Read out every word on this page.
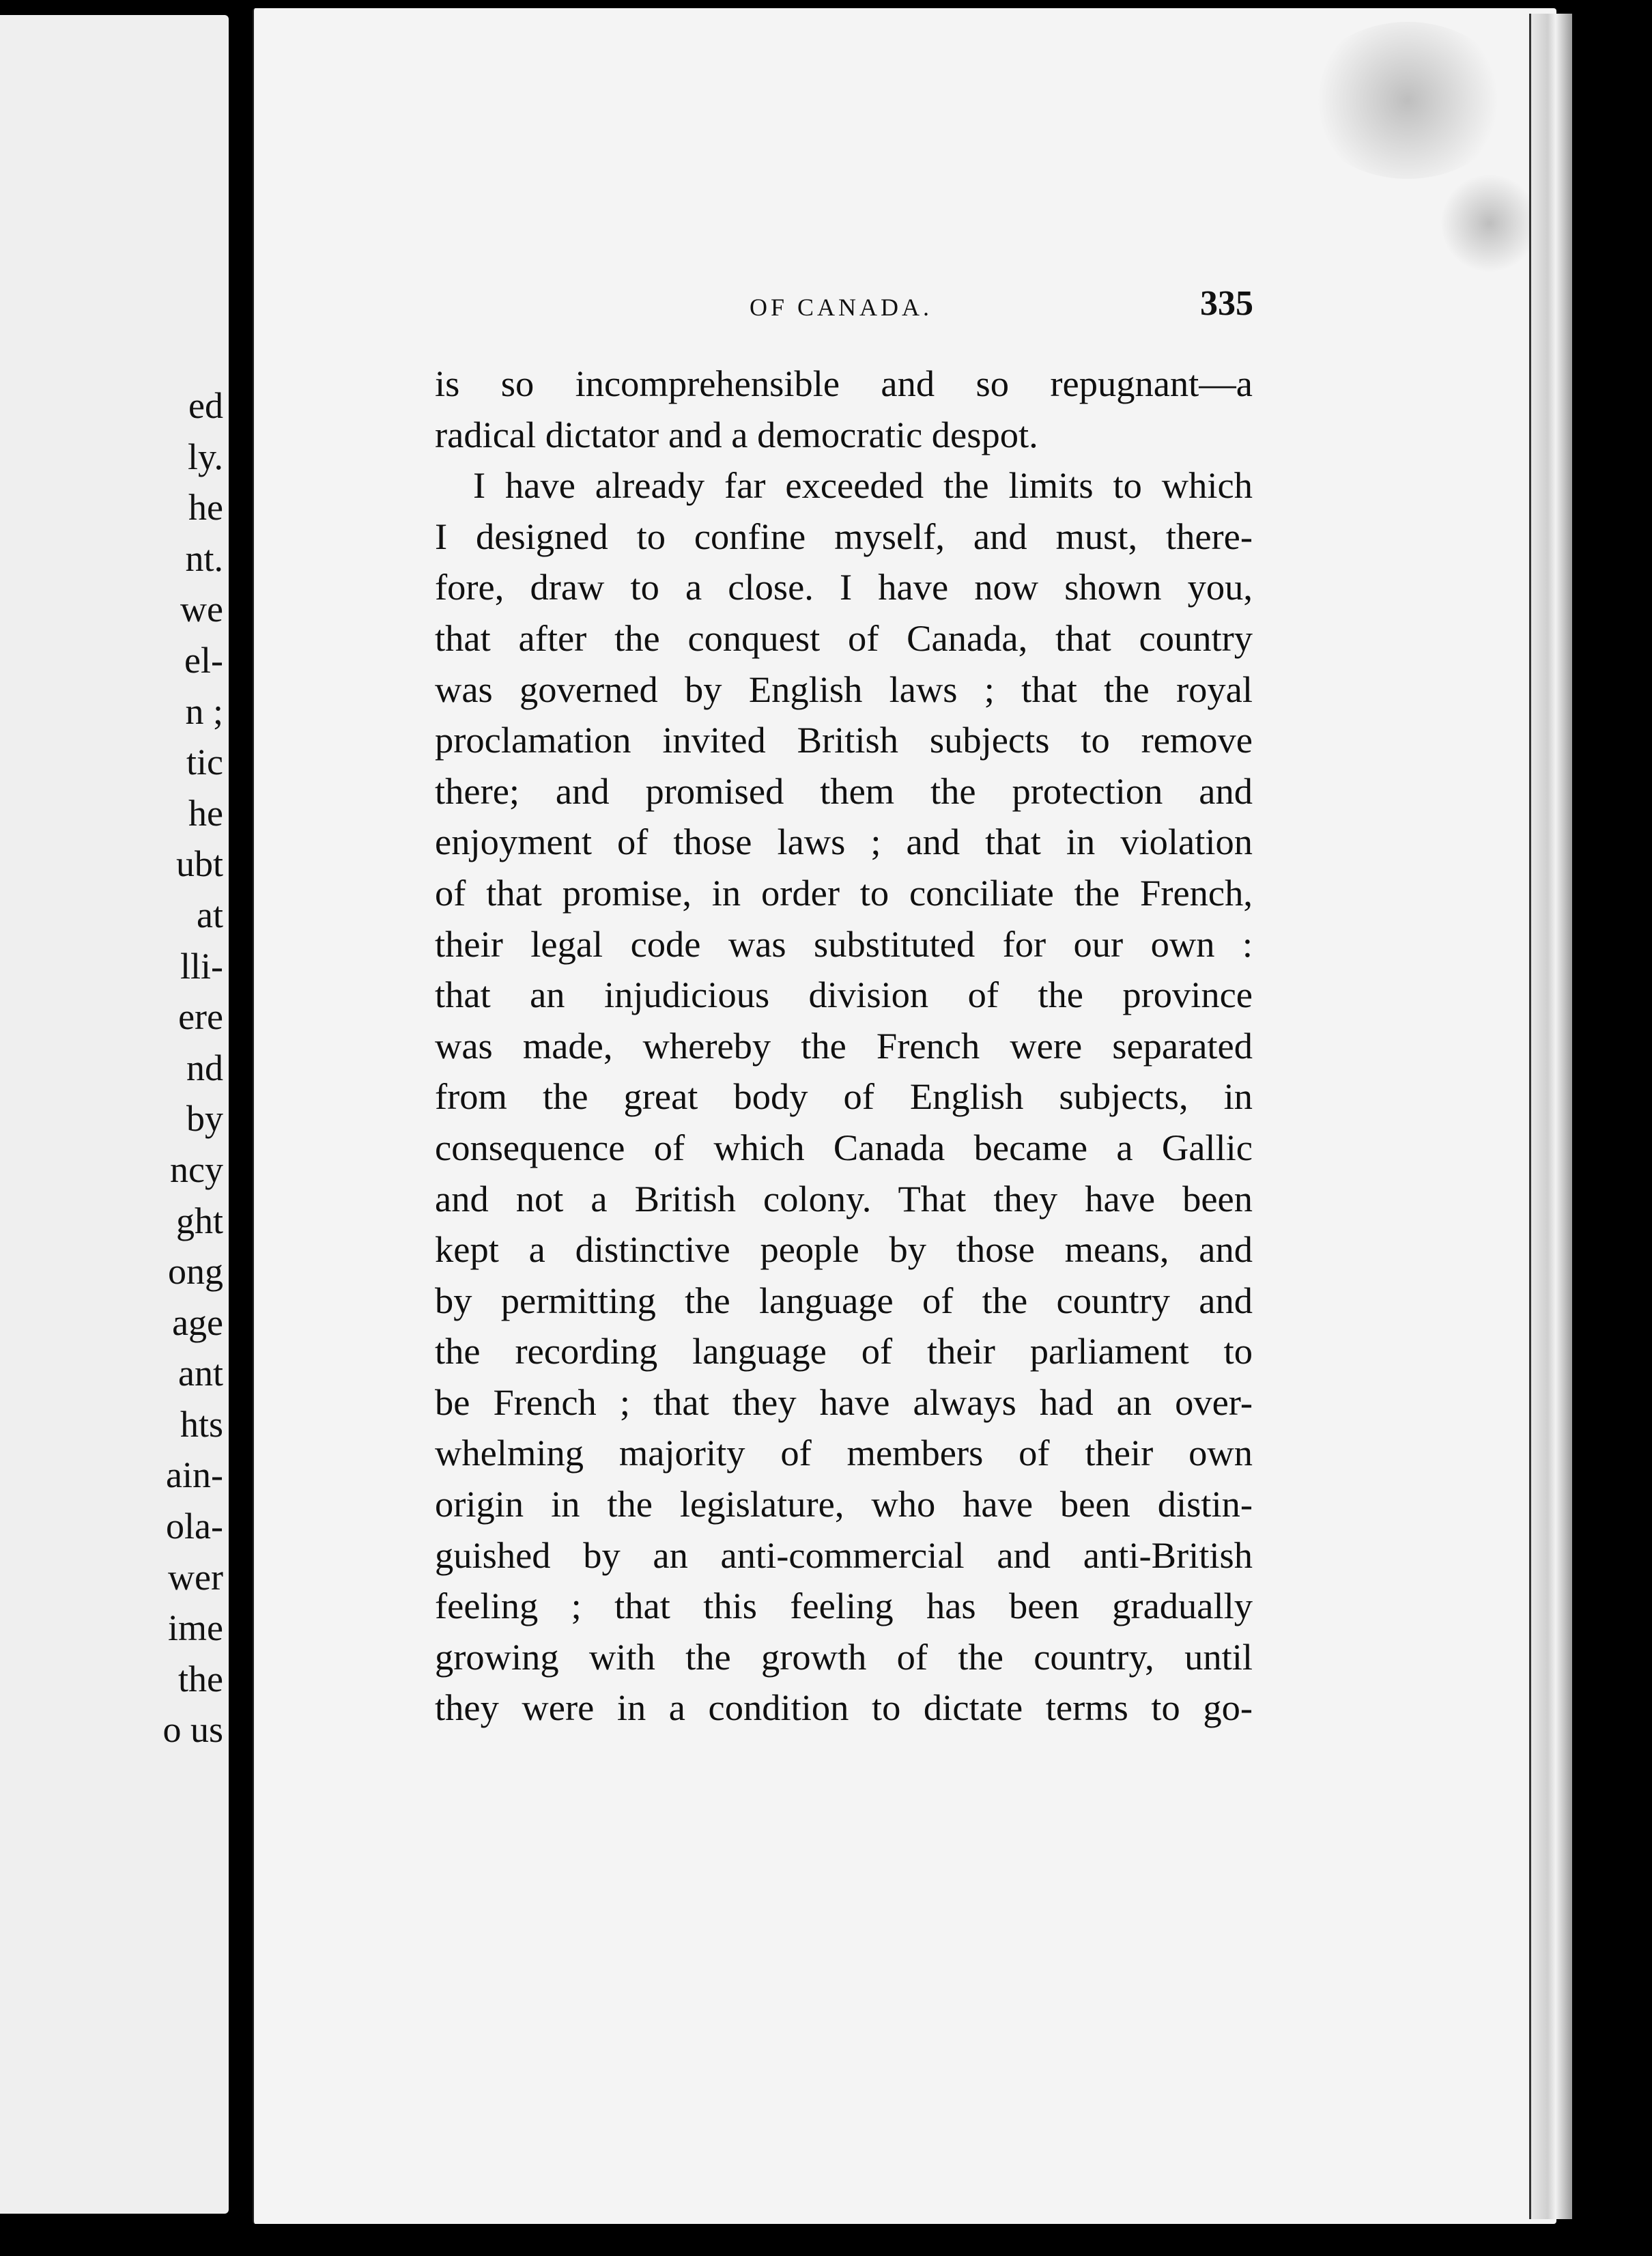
ed
ly.
he
nt.
we
el-
n ;
tic
he
ubt
at
lli-
ere
nd
by
ncy
ght
ong
age
ant
hts
ain-
ola-
wer
ime
the
o us
OF CANADA.	335
is so incomprehensible and so repugnant—a
radical dictator and a democratic despot.
I have already far exceeded the limits to which
I designed to confine myself, and must, there-
fore, draw to a close. I have now shown you,
that after the conquest of Canada, that country
was governed by English laws ; that the royal
proclamation invited British subjects to remove
there; and promised them the protection and
enjoyment of those laws ; and that in violation
of that promise, in order to conciliate the French,
their legal code was substituted for our own :
that an injudicious division of the province
was made, whereby the French were separated
from the great body of English subjects, in
consequence of which Canada became a Gallic
and not a British colony. That they have been
kept a distinctive people by those means, and
by permitting the language of the country and
the recording language of their parliament to
be French ; that they have always had an over-
whelming majority of members of their own
origin in the legislature, who have been distin-
guished by an anti-commercial and anti-British
feeling ; that this feeling has been gradually
growing with the growth of the country, until
they were in a condition to dictate terms to go-
